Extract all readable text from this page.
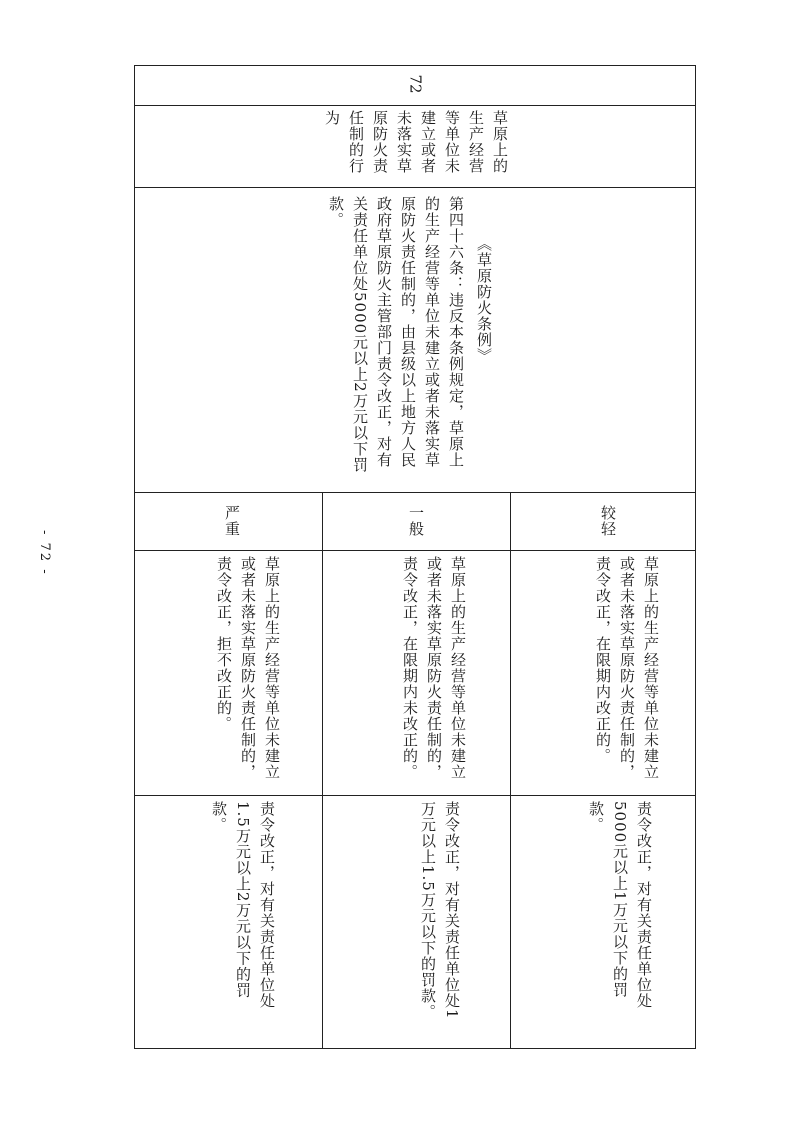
- 72 -
72
草原上的生产经营等单位未建立或者未落实草原防火责任制的行为
《草原防火条例》
第四十六条：违反本条例规定，草原上的生产经营等单位未建立或者未落实草原防火责任制的，由县级以上地方人民政府草原防火主管部门责令改正，对有关责任单位处5000元以上2万元以下罚款。
较轻
一般
严重
草原上的生产经营等单位未建立或者未落实草原防火责任制的，责令改正，在限期内改正的。
草原上的生产经营等单位未建立或者未落实草原防火责任制的，责令改正，在限期内未改正的。
草原上的生产经营等单位未建立或者未落实草原防火责任制的，责令改正，拒不改正的。
责令改正，对有关责任单位处5000元以上1万元以下的罚款。
责令改正，对有关责任单位处1万元以上1.5万元以下的罚款。
责令改正，对有关责任单位处1.5万元以上2万元以下的罚款。
